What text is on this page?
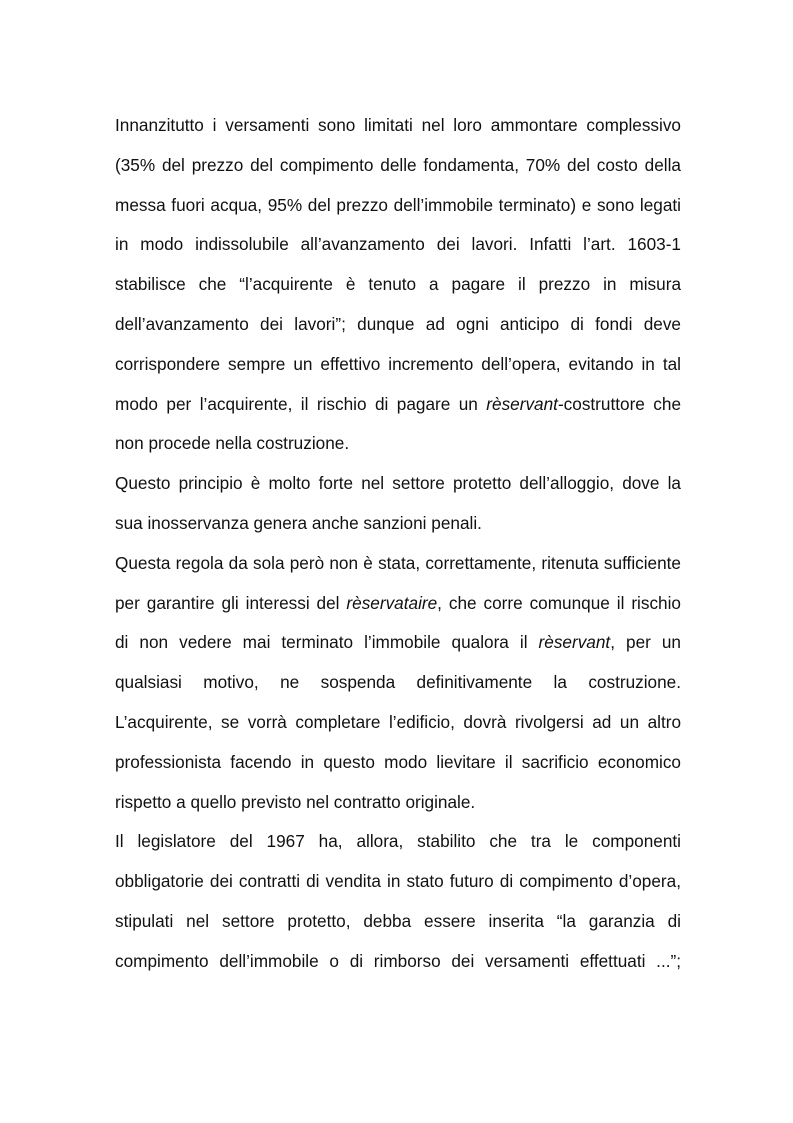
Innanzitutto i versamenti sono limitati nel loro ammontare complessivo
(35% del prezzo del compimento delle fondamenta, 70% del costo della
messa fuori acqua, 95% del prezzo dell’immobile terminato) e sono legati
in modo indissolubile all’avanzamento dei lavori. Infatti l’art. 1603-1
stabilisce che “l’acquirente è tenuto a pagare il prezzo in misura
dell’avanzamento dei lavori”; dunque ad ogni anticipo di fondi deve
corrispondere sempre un effettivo incremento dell’opera, evitando in tal
modo per l’acquirente, il rischio di pagare un rèservant-costruttore che
non procede nella costruzione.
Questo principio è molto forte nel settore protetto dell’alloggio, dove la
sua inosservanza genera anche sanzioni penali.
Questa regola da sola però non è stata, correttamente, ritenuta sufficiente
per garantire gli interessi del rèservataire, che corre comunque il rischio
di non vedere mai terminato l’immobile qualora il rèservant, per un
qualsiasi motivo, ne sospenda definitivamente la costruzione.
L’acquirente, se vorrà completare l’edificio, dovrà rivolgersi ad un altro
professionista facendo in questo modo lievitare il sacrificio economico
rispetto a quello previsto nel contratto originale.
Il legislatore del 1967 ha, allora, stabilito che tra le componenti
obbligatorie dei contratti di vendita in stato futuro di compimento d’opera,
stipulati nel settore protetto, debba essere inserita “la garanzia di
compimento dell’immobile o di rimborso dei versamenti effettuati ...”;
